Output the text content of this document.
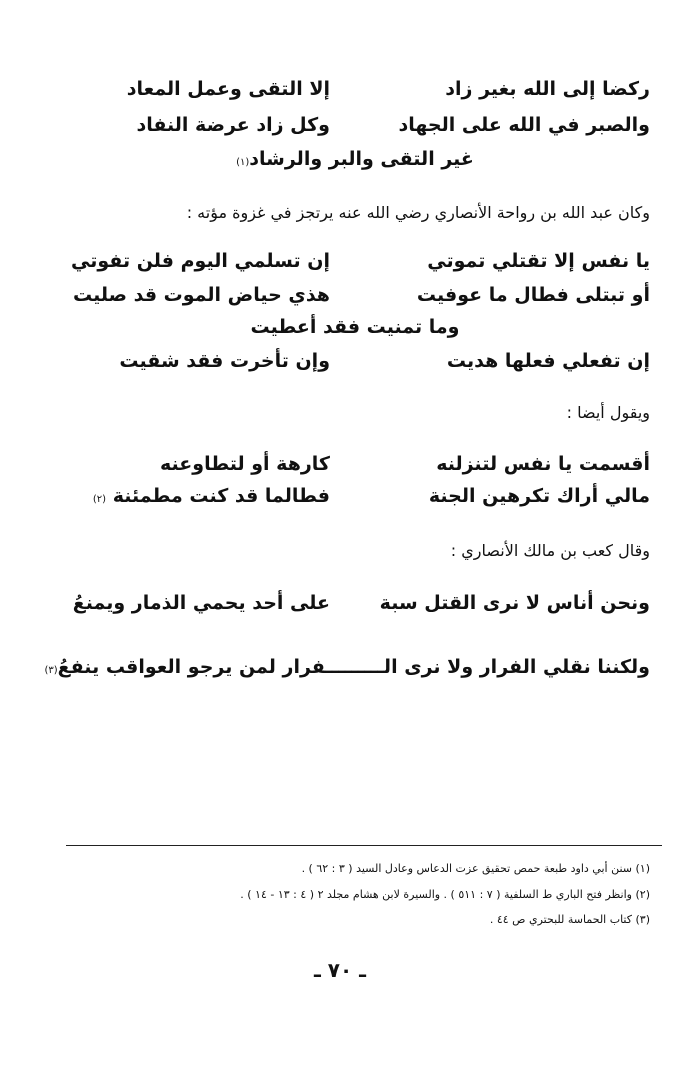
ركضا إلى الله بغير زاد
إلا التقى وعمل المعاد
والصبر في الله على الجهاد
وكل زاد عرضة النفاد
غير التقى والبر والرشاد(١)
وكان عبد الله بن رواحة الأنصاري رضي الله عنه يرتجز في غزوة مؤته :
يا نفس إلا تقتلي تموتي
إن تسلمي اليوم فلن تفوتي
أو تبتلى فطال ما عوفيت
هذي حياض الموت قد صليت
وما تمنيت فقد أعطيت
إن تفعلي فعلها هديت
وإن تأخرت فقد شقيت
ويقول أيضا :
أقسمت يا نفس لتنزلنه
كارهة أو لتطاوعنه
مالي أراك تكرهين الجنة
فطالما قد كنت مطمئنة (٢)
وقال كعب بن مالك الأنصاري :
ونحن أناس لا نرى القتل سبة
على أحد يحمي الذمار ويمنعُ
ولكننا نقلي الفرار ولا نرى الـــــــــفرار لمن يرجو العواقب ينفعُ(٣)
(١) سنن أبي داود طبعة حمص تحقيق عزت الدعاس وعادل السيد ( ٣ : ٦٢ ) .
(٢) وانظر فتح الباري ط السلفية ( ٧ : ٥١١ ) . والسيرة لابن هشام مجلد ٢ ( ٤ : ١٣ - ١٤ ) .
(٣) كتاب الحماسة للبحتري ص ٤٤ .
ـ ٧٠ ـ
